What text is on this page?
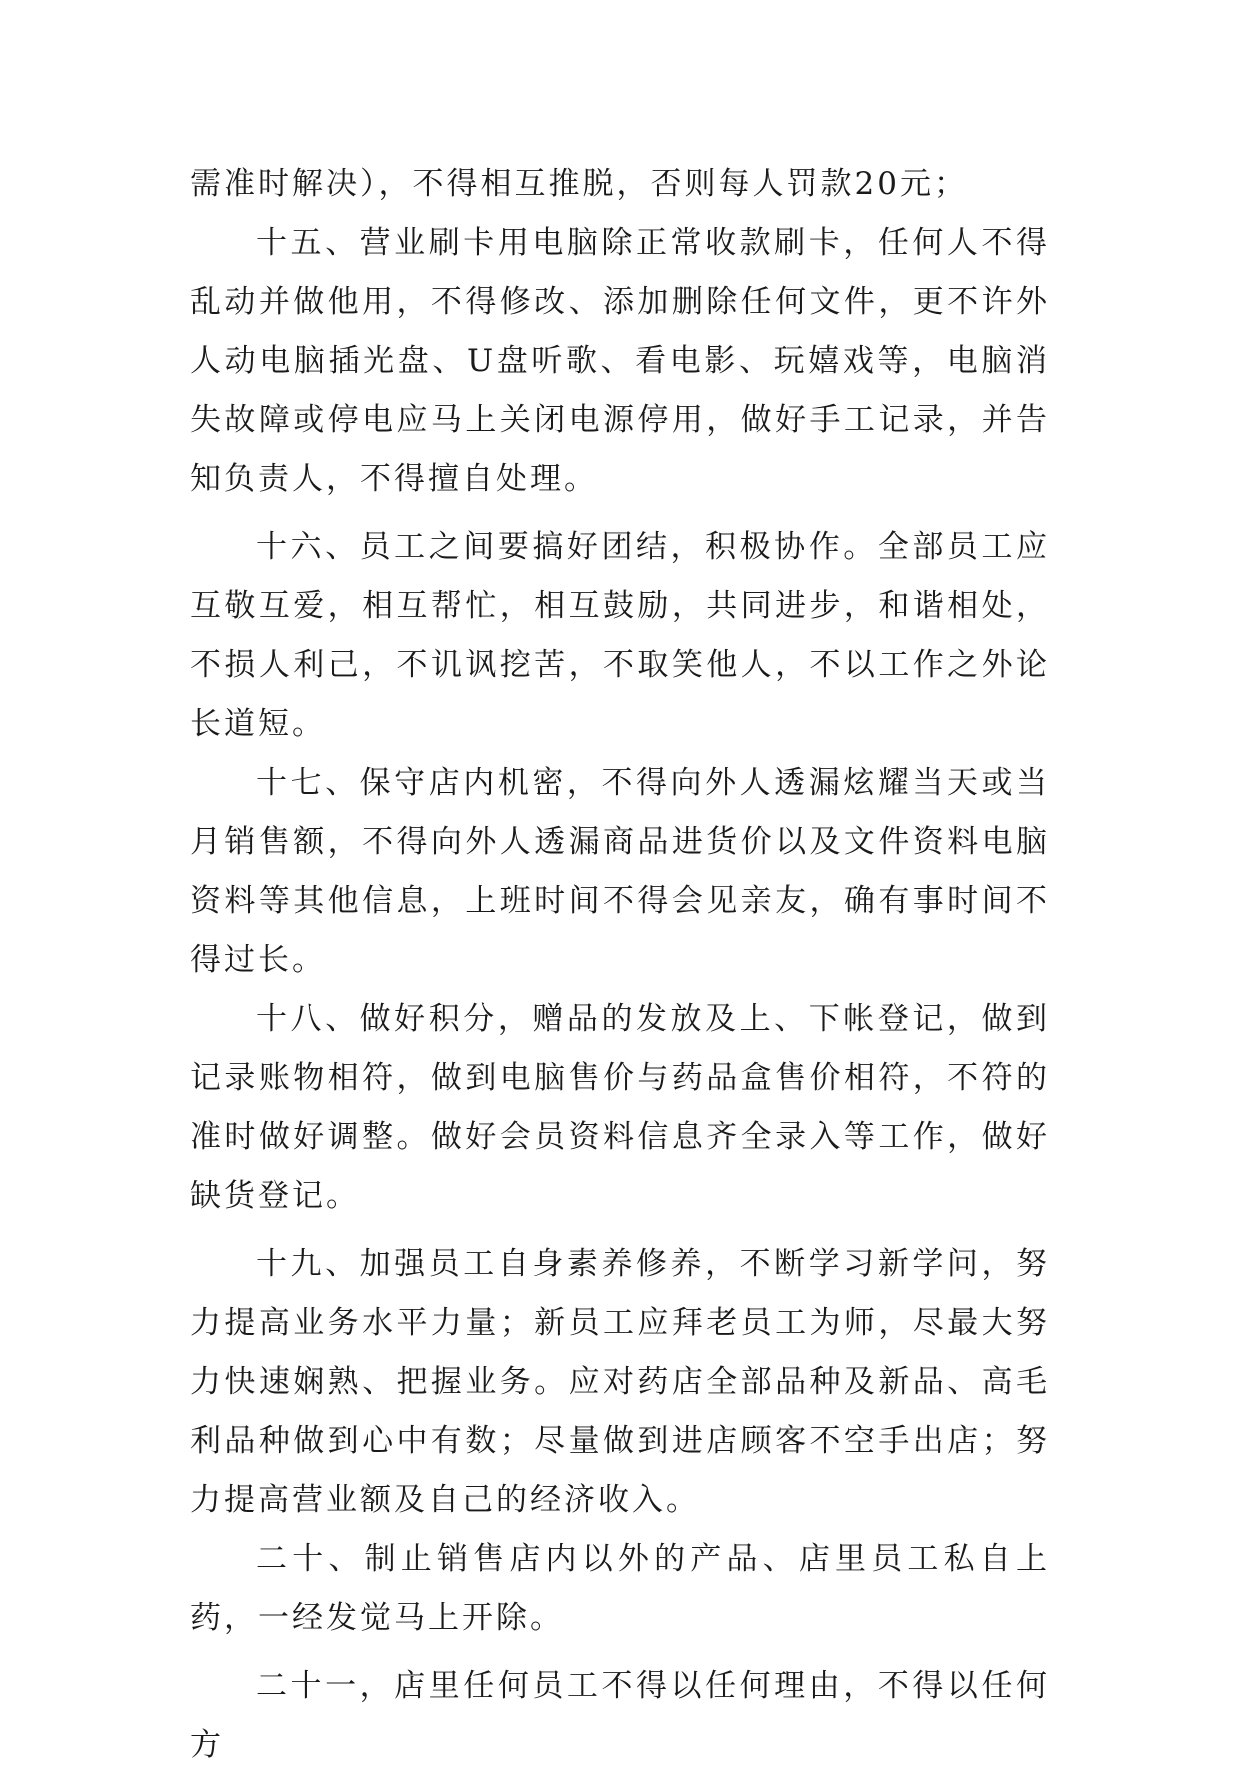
需准时解决），不得相互推脱，否则每人罚款20元；

十五、营业刷卡用电脑除正常收款刷卡，任何人不得乱动并做他用，不得修改、添加删除任何文件，更不许外人动电脑插光盘、U盘听歌、看电影、玩嬉戏等，电脑消失故障或停电应马上关闭电源停用，做好手工记录，并告知负责人，不得擅自处理。

十六、员工之间要搞好团结，积极协作。全部员工应互敬互爱，相互帮忙，相互鼓励，共同进步，和谐相处，不损人利己，不讥讽挖苦，不取笑他人，不以工作之外论长道短。

十七、保守店内机密，不得向外人透漏炫耀当天或当月销售额，不得向外人透漏商品进货价以及文件资料电脑资料等其他信息，上班时间不得会见亲友，确有事时间不得过长。

十八、做好积分，赠品的发放及上、下帐登记，做到记录账物相符，做到电脑售价与药品盒售价相符，不符的准时做好调整。做好会员资料信息齐全录入等工作，做好缺货登记。

十九、加强员工自身素养修养，不断学习新学问，努力提高业务水平力量；新员工应拜老员工为师，尽最大努力快速娴熟、把握业务。应对药店全部品种及新品、高毛利品种做到心中有数；尽量做到进店顾客不空手出店；努力提高营业额及自己的经济收入。

二十、制止销售店内以外的产品、店里员工私自上药，一经发觉马上开除。

二十一，店里任何员工不得以任何理由，不得以任何方
